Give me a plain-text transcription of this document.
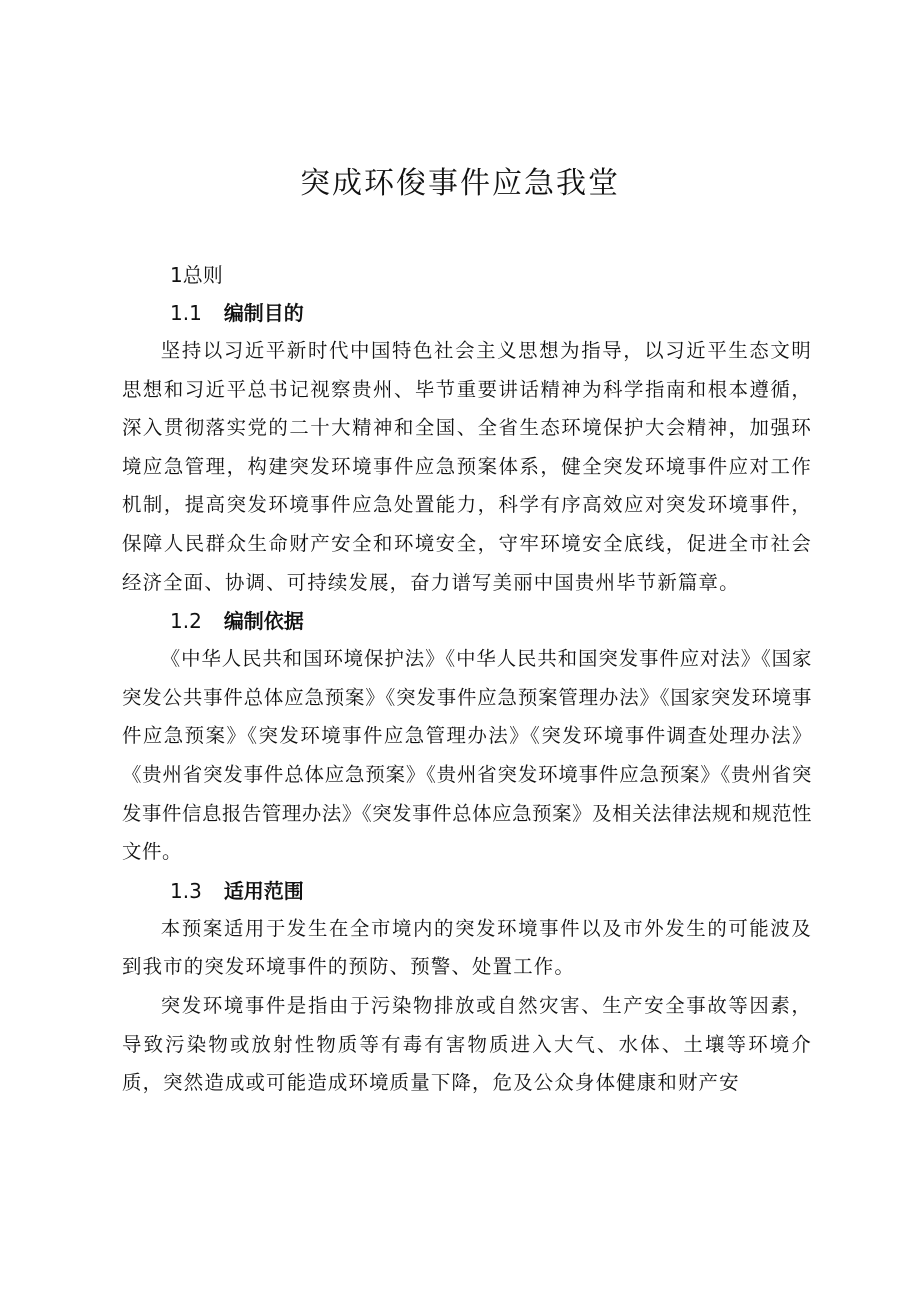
突成环俊事件应急我堂

1总则

1.1 编制目的

坚持以习近平新时代中国特色社会主义思想为指导，以习近平生态文明思想和习近平总书记视察贵州、毕节重要讲话精神为科学指南和根本遵循，深入贯彻落实党的二十大精神和全国、全省生态环境保护大会精神，加强环境应急管理，构建突发环境事件应急预案体系，健全突发环境事件应对工作机制，提高突发环境事件应急处置能力，科学有序高效应对突发环境事件，保障人民群众生命财产安全和环境安全，守牢环境安全底线，促进全市社会经济全面、协调、可持续发展，奋力谱写美丽中国贵州毕节新篇章。

1.2 编制依据

《中华人民共和国环境保护法》《中华人民共和国突发事件应对法》《国家突发公共事件总体应急预案》《突发事件应急预案管理办法》《国家突发环境事件应急预案》《突发环境事件应急管理办法》《突发环境事件调查处理办法》《贵州省突发事件总体应急预案》《贵州省突发环境事件应急预案》《贵州省突发事件信息报告管理办法》《突发事件总体应急预案》及相关法律法规和规范性文件。

1.3 适用范围

本预案适用于发生在全市境内的突发环境事件以及市外发生的可能波及到我市的突发环境事件的预防、预警、处置工作。

突发环境事件是指由于污染物排放或自然灾害、生产安全事故等因素，导致污染物或放射性物质等有毒有害物质进入大气、水体、土壤等环境介质，突然造成或可能造成环境质量下降，危及公众身体健康和财产安
